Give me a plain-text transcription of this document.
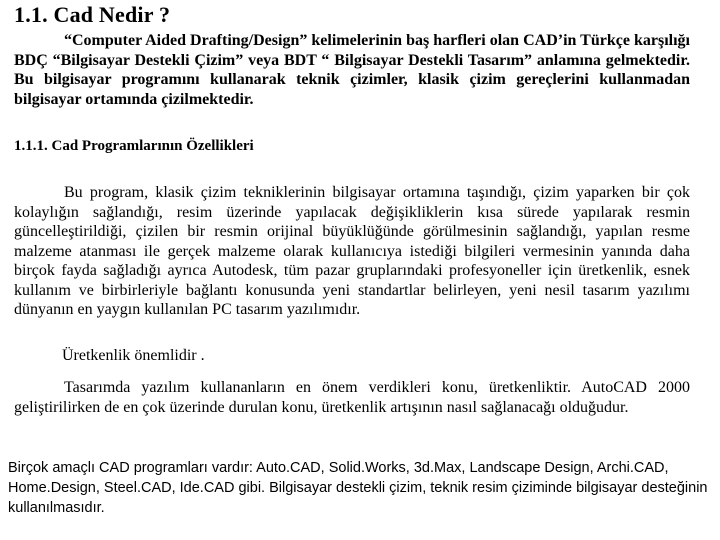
1.1. Cad Nedir ?
“Computer Aided Drafting/Design” kelimelerinin baş harfleri olan CAD’in Türkçe karşılığı BDÇ “Bilgisayar Destekli Çizim” veya BDT “ Bilgisayar Destekli Tasarım” anlamına gelmektedir. Bu bilgisayar programını kullanarak teknik çizimler, klasik çizim gereçlerini kullanmadan bilgisayar ortamında çizilmektedir.
1.1.1. Cad Programlarının Özellikleri
Bu program, klasik çizim tekniklerinin bilgisayar ortamına taşındığı, çizim yaparken bir çok kolaylığın sağlandığı, resim üzerinde yapılacak değişikliklerin kısa sürede yapılarak resmin güncelleştirildiği, çizilen bir resmin orijinal büyüklüğünde görülmesinin sağlandığı, yapılan resme malzeme atanması ile gerçek malzeme olarak kullanıcıya istediği bilgileri vermesinin yanında daha birçok fayda sağladığı ayrıca Autodesk, tüm pazar gruplarındaki profesyoneller için üretkenlik, esnek kullanım ve birbirleriyle bağlantı konusunda yeni standartlar belirleyen, yeni nesil tasarım yazılımı dünyanın en yaygın kullanılan PC tasarım yazılımıdır.
Üretkenlik önemlidir .
Tasarımda yazılım kullananların en önem verdikleri konu, üretkenliktir. AutoCAD 2000 geliştirilirken de en çok üzerinde durulan konu, üretkenlik artışının nasıl sağlanacağı olduğudur.
Birçok amaçlı CAD programları vardır: Auto.CAD, Solid.Works, 3d.Max, Landscape Design, Archi.CAD, Home.Design, Steel.CAD, Ide.CAD gibi. Bilgisayar destekli çizim, teknik resim çiziminde bilgisayar desteğinin kullanılmasıdır.
